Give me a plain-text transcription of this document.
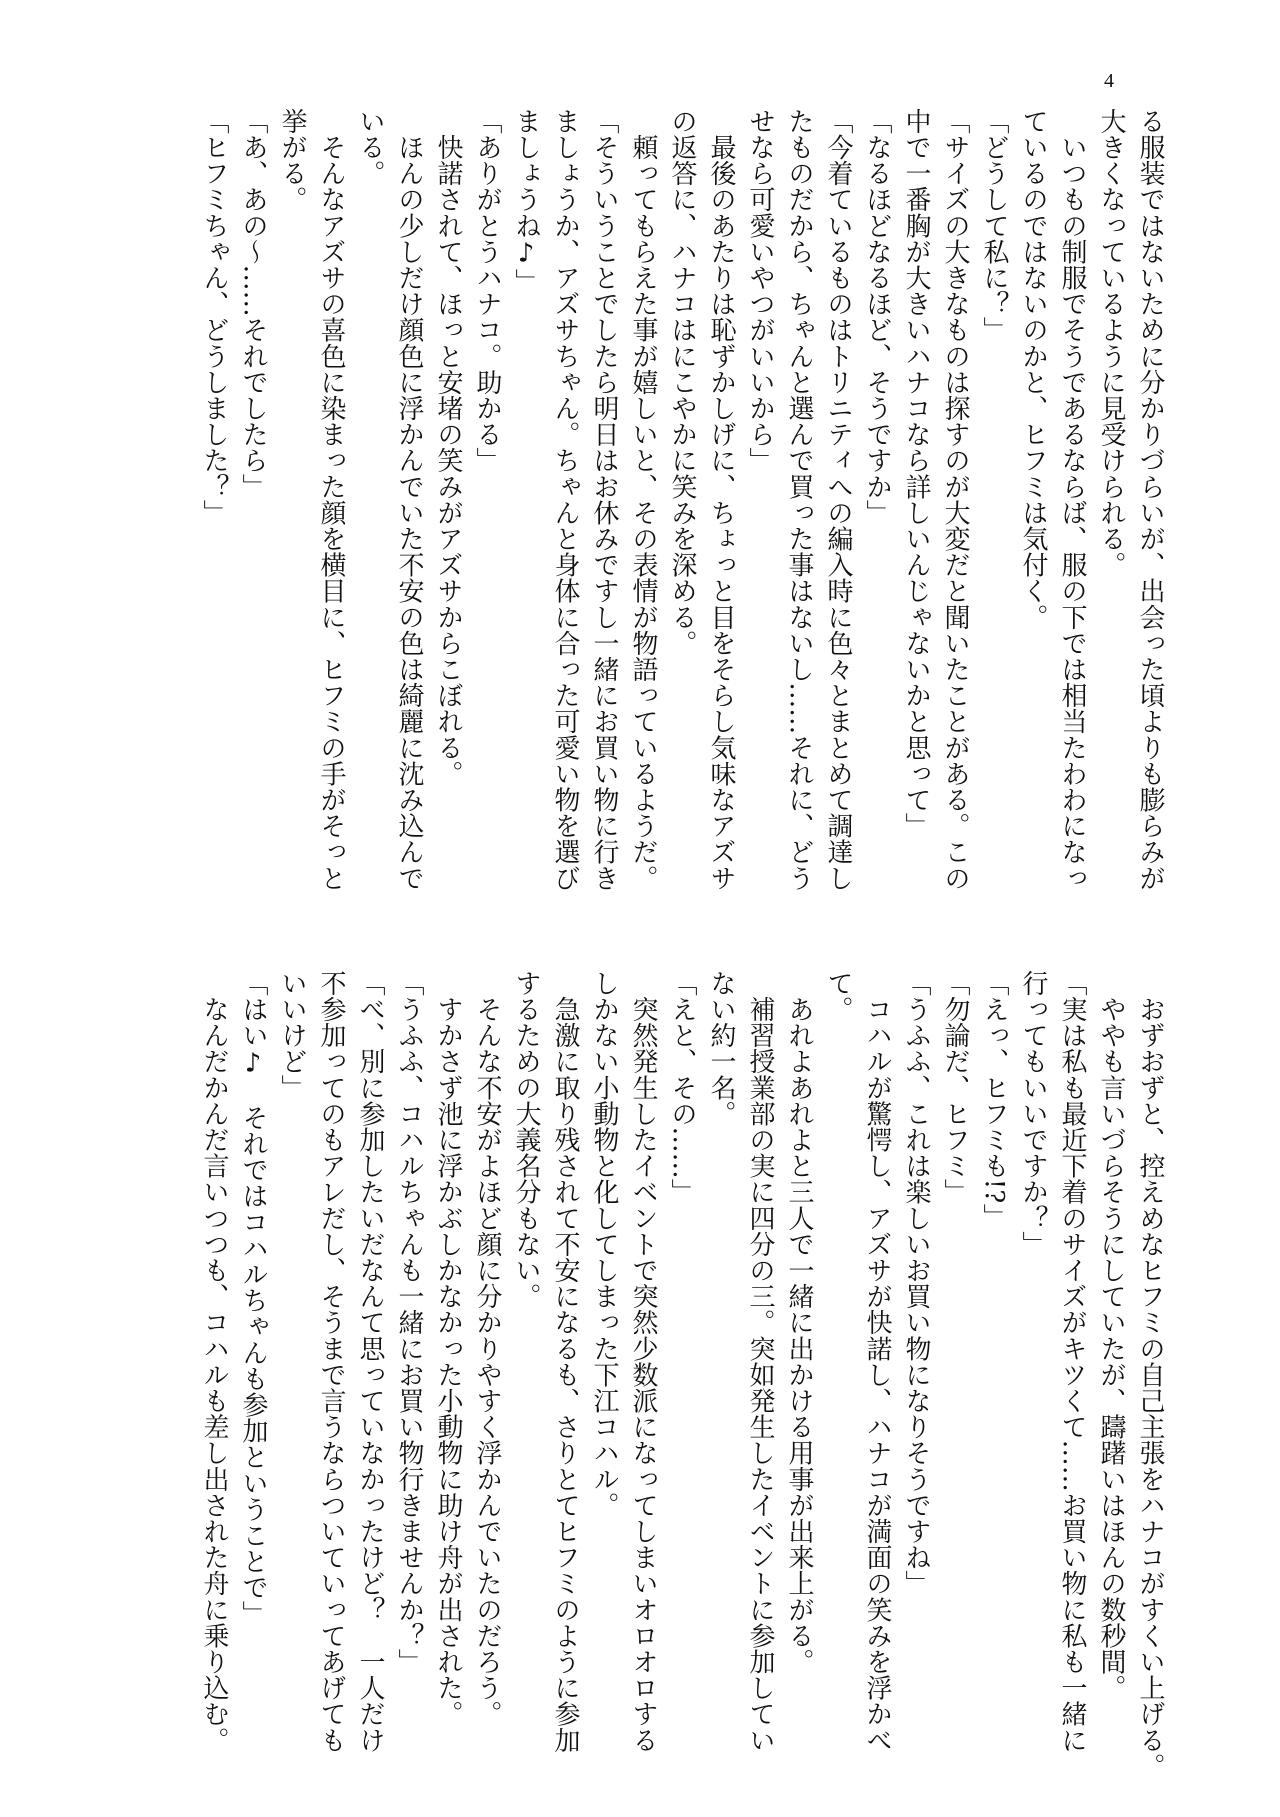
4
る服装ではないために分かりづらいが、出会った頃よりも膨らみが
大きくなっているように見受けられる。
　いつもの制服でそうであるならば、服の下では相当たわわになっ
ているのではないのかと、ヒフミは気付く。
「どうして私に？」
「サイズの大きなものは探すのが大変だと聞いたことがある。この
中で一番胸が大きいハナコなら詳しいんじゃないかと思って」
「なるほどなるほど、そうですか」
「今着ているものはトリニティへの編入時に色々とまとめて調達し
たものだから、ちゃんと選んで買った事はないし……それに、どう
せなら可愛いやつがいいから」
　最後のあたりは恥ずかしげに、ちょっと目をそらし気味なアズサ
の返答に、ハナコはにこやかに笑みを深める。
　頼ってもらえた事が嬉しいと、その表情が物語っているようだ。
「そういうことでしたら明日はお休みですし一緒にお買い物に行き
ましょうか、アズサちゃん。ちゃんと身体に合った可愛い物を選び
ましょうね♪」
「ありがとうハナコ。助かる」
　快諾されて、ほっと安堵の笑みがアズサからこぼれる。
　ほんの少しだけ顔色に浮かんでいた不安の色は綺麗に沈み込んで
いる。
　そんなアズサの喜色に染まった顔を横目に、ヒフミの手がそっと
挙がる。
「あ、あの～……それでしたら」
「ヒフミちゃん、どうしました？」
　おずおずと、控えめなヒフミの自己主張をハナコがすくい上げる。
　ややも言いづらそうにしていたが、躊躇いはほんの数秒間。
「実は私も最近下着のサイズがキツくて……お買い物に私も一緒に
行ってもいいですか？」
「えっ、ヒフミも!?」
「勿論だ、ヒフミ」
「うふふ、これは楽しいお買い物になりそうですね」
　コハルが驚愕し、アズサが快諾し、ハナコが満面の笑みを浮かべ
て。
　あれよあれよと三人で一緒に出かける用事が出来上がる。
　補習授業部の実に四分の三。突如発生したイベントに参加してい
ない約一名。
「えと、その……」
　突然発生したイベントで突然少数派になってしまいオロオロする
しかない小動物と化してしまった下江コハル。
　急激に取り残されて不安になるも、さりとてヒフミのように参加
するための大義名分もない。
　そんな不安がよほど顔に分かりやすく浮かんでいたのだろう。
　すかさず池に浮かぶしかなかった小動物に助け舟が出された。
「うふふ、コハルちゃんも一緒にお買い物行きませんか？」
「べ、別に参加したいだなんて思っていなかったけど？　一人だけ
不参加ってのもアレだし、そうまで言うならついていってあげても
いいけど」
「はい♪　それではコハルちゃんも参加ということで」
　なんだかんだ言いつつも、コハルも差し出された舟に乗り込む。
